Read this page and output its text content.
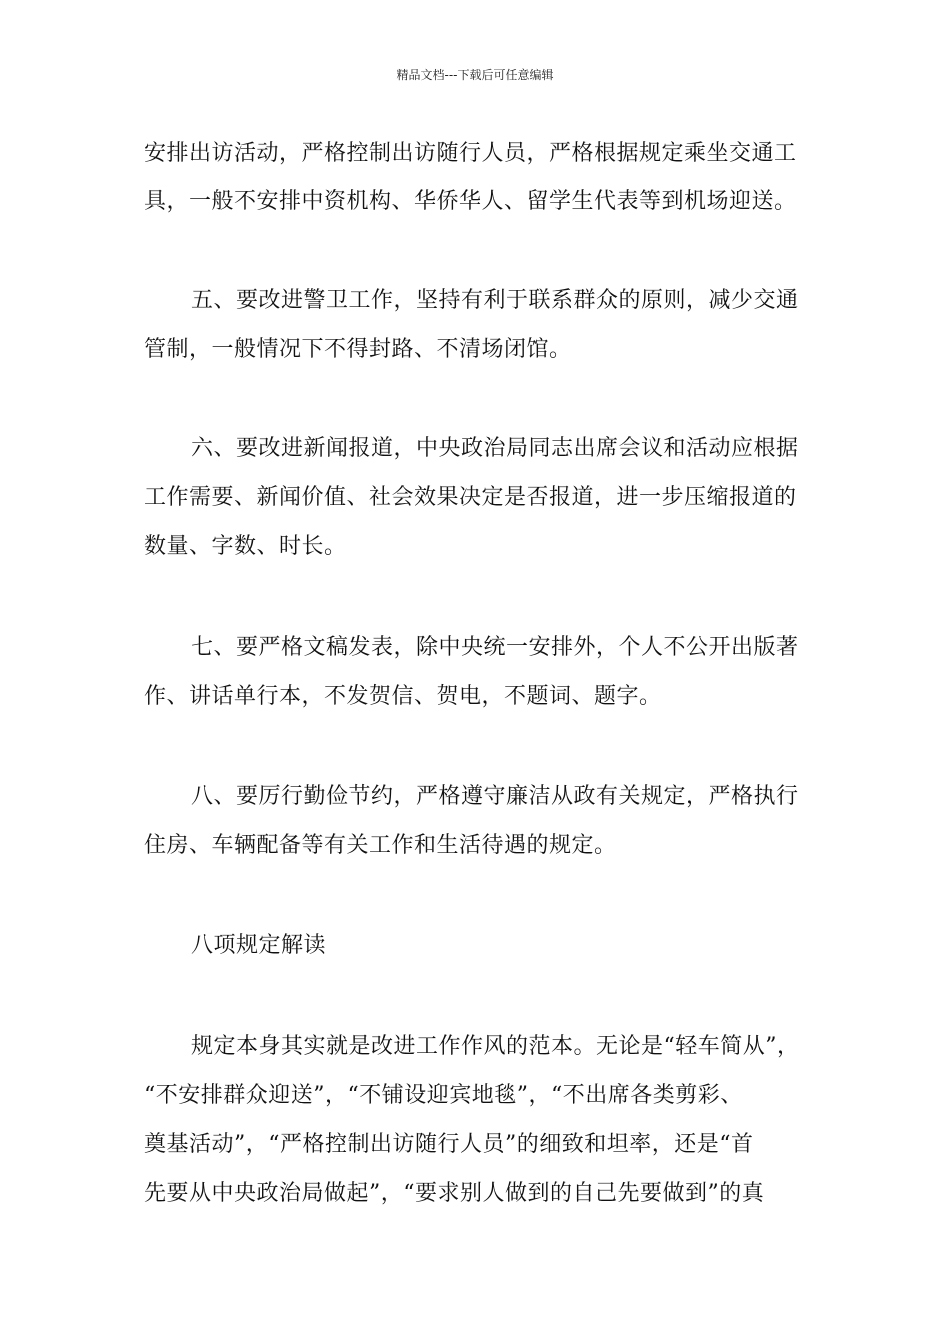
精品文档---下载后可任意编辑
安排出访活动，严格控制出访随行人员，严格根据规定乘坐交通工
具，一般不安排中资机构、华侨华人、留学生代表等到机场迎送。
五、要改进警卫工作，坚持有利于联系群众的原则，减少交通
管制，一般情况下不得封路、不清场闭馆。
六、要改进新闻报道，中央政治局同志出席会议和活动应根据
工作需要、新闻价值、社会效果决定是否报道，进一步压缩报道的
数量、字数、时长。
七、要严格文稿发表，除中央统一安排外，个人不公开出版著
作、讲话单行本，不发贺信、贺电，不题词、题字。
八、要厉行勤俭节约，严格遵守廉洁从政有关规定，严格执行
住房、车辆配备等有关工作和生活待遇的规定。
八项规定解读
规定本身其实就是改进工作作风的范本。无论是“轻车简从”，
“不安排群众迎送”，“不铺设迎宾地毯”，“不出席各类剪彩、
奠基活动”，“严格控制出访随行人员”的细致和坦率，还是“首
先要从中央政治局做起”，“要求别人做到的自己先要做到”的真
